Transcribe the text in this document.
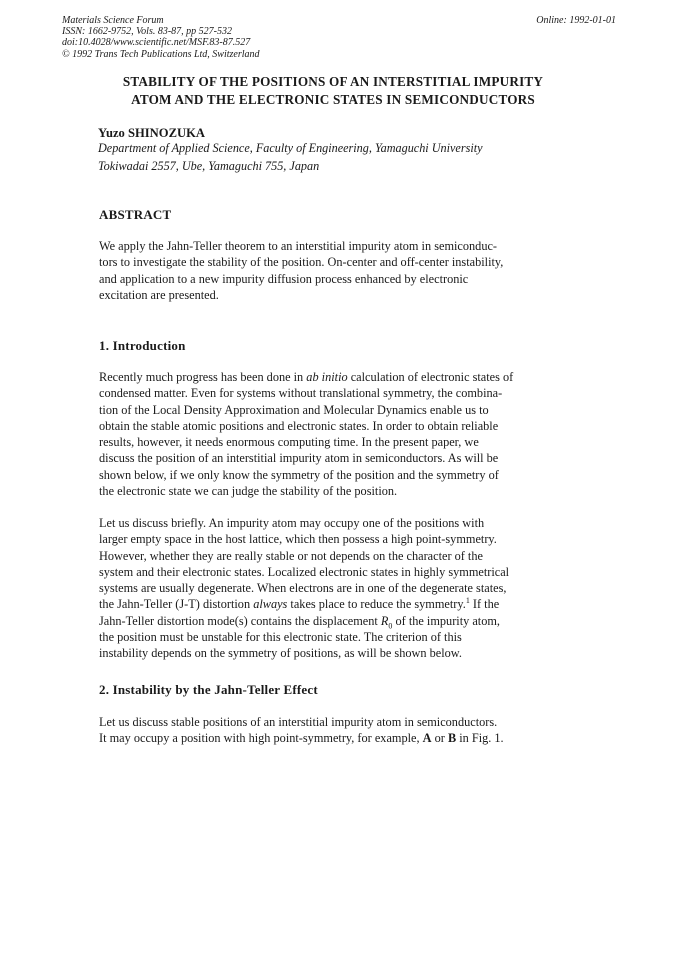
Materials Science Forum
ISSN: 1662-9752, Vols. 83-87, pp 527-532
doi:10.4028/www.scientific.net/MSF.83-87.527
© 1992 Trans Tech Publications Ltd, Switzerland
Online: 1992-01-01
STABILITY OF THE POSITIONS OF AN INTERSTITIAL IMPURITY
ATOM AND THE ELECTRONIC STATES IN SEMICONDUCTORS
Yuzo SHINOZUKA
Department of Applied Science, Faculty of Engineering, Yamaguchi University
Tokiwadai 2557, Ube, Yamaguchi 755, Japan
ABSTRACT
We apply the Jahn-Teller theorem to an interstitial impurity atom in semiconduc-
tors to investigate the stability of the position. On-center and off-center instability,
and application to a new impurity diffusion process enhanced by electronic
excitation are presented.
1. Introduction
Recently much progress has been done in ab initio calculation of electronic states of
condensed matter. Even for systems without translational symmetry, the combina-
tion of the Local Density Approximation and Molecular Dynamics enable us to
obtain the stable atomic positions and electronic states. In order to obtain reliable
results, however, it needs enormous computing time. In the present paper, we
discuss the position of an interstitial impurity atom in semiconductors. As will be
shown below, if we only know the symmetry of the position and the symmetry of
the electronic state we can judge the stability of the position.
Let us discuss briefly. An impurity atom may occupy one of the positions with
larger empty space in the host lattice, which then possess a high point-symmetry.
However, whether they are really stable or not depends on the character of the
system and their electronic states. Localized electronic states in highly symmetrical
systems are usually degenerate. When electrons are in one of the degenerate states,
the Jahn-Teller (J-T) distortion always takes place to reduce the symmetry.$^1$ If the
Jahn-Teller distortion mode(s) contains the displacement $R_0$ of the impurity atom,
the position must be unstable for this electronic state. The criterion of this
instability depends on the symmetry of positions, as will be shown below.
2. Instability by the Jahn-Teller Effect
Let us discuss stable positions of an interstitial impurity atom in semiconductors.
It may occupy a position with high point-symmetry, for example, A or B in Fig. 1.
